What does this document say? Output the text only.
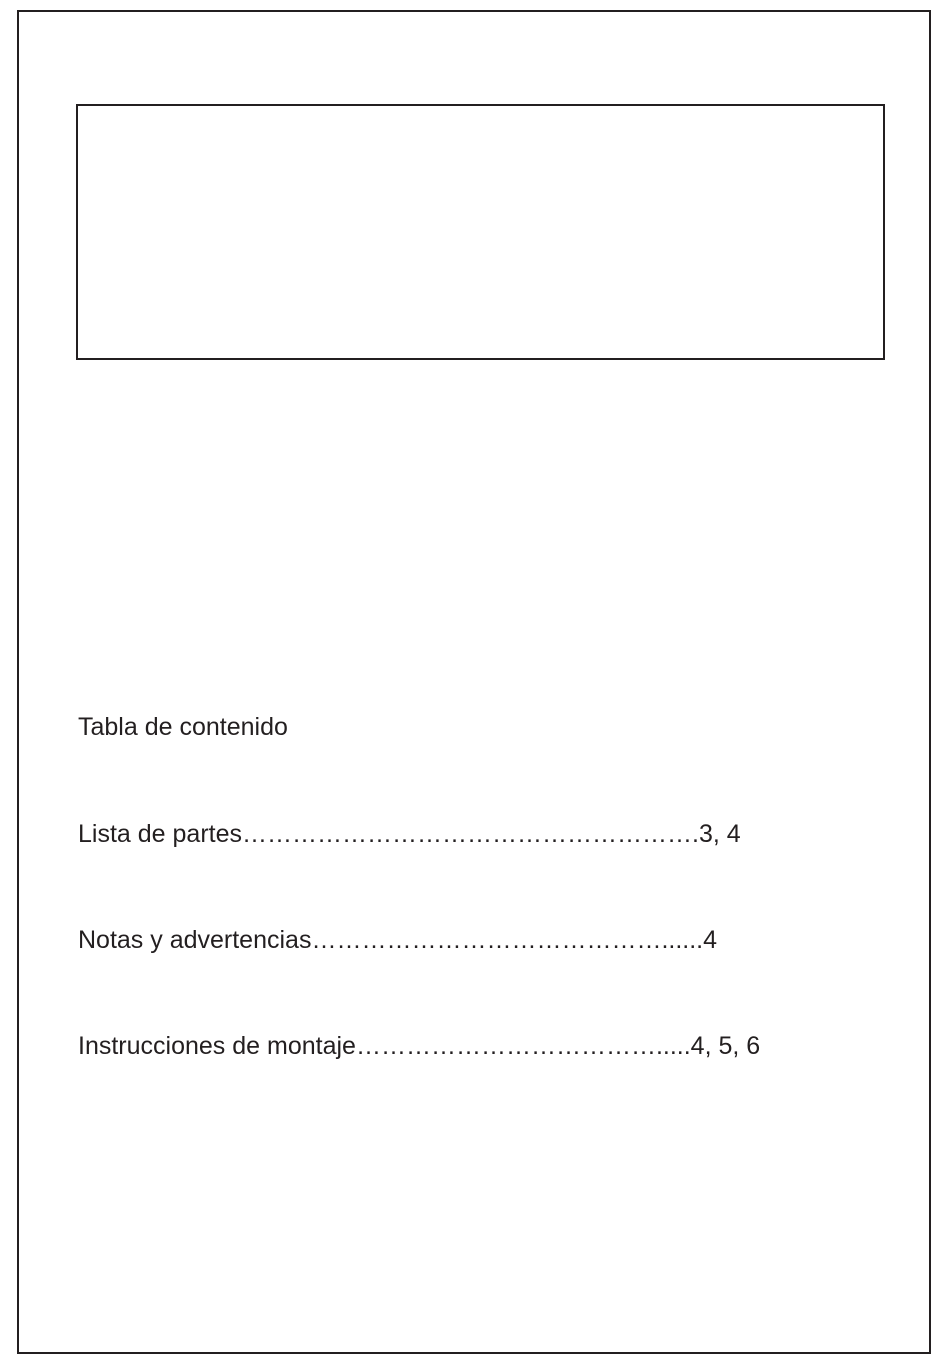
Tabla de contenido
Lista de partes……………………………………………….3, 4
Notas y advertencias……………………………………......4
Instrucciones de montaje……………………………….....4, 5, 6
